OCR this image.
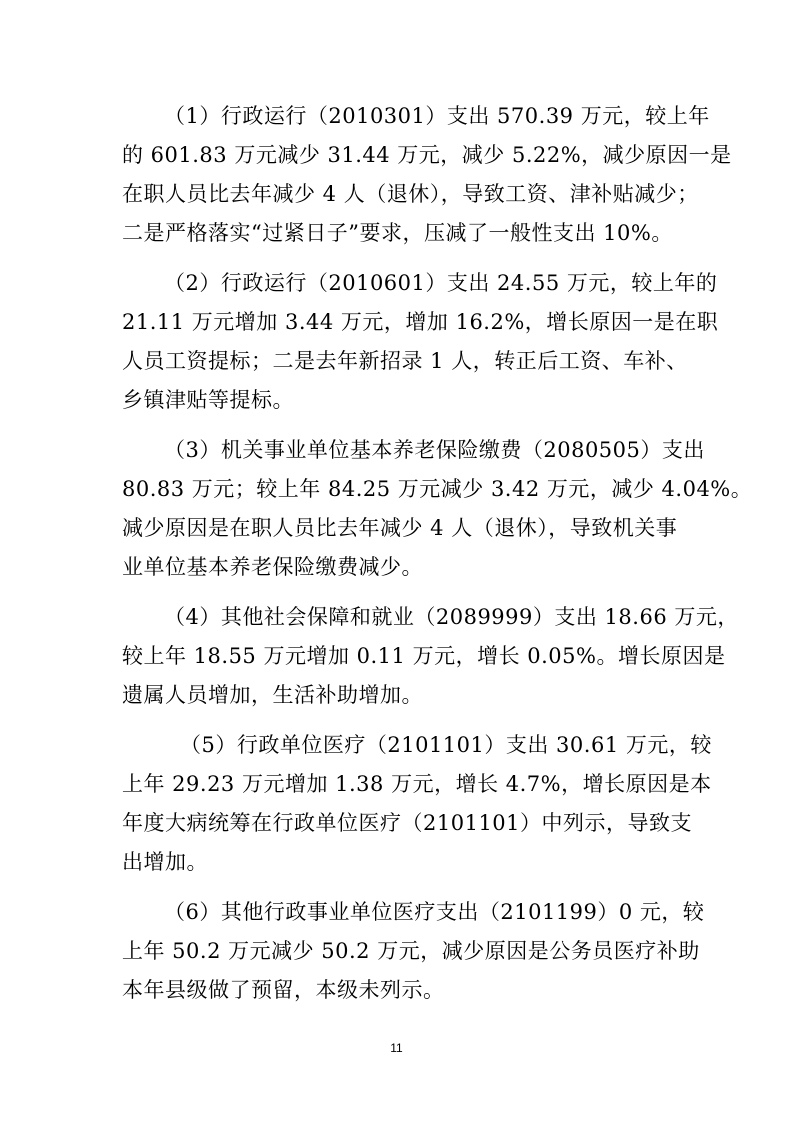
（1）行政运行（2010301）支出 570.39 万元，较上年
的 601.83 万元减少 31.44 万元，减少 5.22%，减少原因一是
在职人员比去年减少 4 人（退休），导致工资、津补贴减少；
二是严格落实“过紧日子”要求，压减了一般性支出 10%。
（2）行政运行（2010601）支出 24.55 万元，较上年的
21.11 万元增加 3.44 万元，增加 16.2%，增长原因一是在职
人员工资提标；二是去年新招录 1 人，转正后工资、车补、
乡镇津贴等提标。
（3）机关事业单位基本养老保险缴费（2080505）支出
80.83 万元；较上年 84.25 万元减少 3.42 万元，减少 4.04%。
减少原因是在职人员比去年减少 4 人（退休），导致机关事
业单位基本养老保险缴费减少。
（4）其他社会保障和就业（2089999）支出 18.66 万元，
较上年 18.55 万元增加 0.11 万元，增长 0.05%。增长原因是
遗属人员增加，生活补助增加。
（5）行政单位医疗（2101101）支出 30.61 万元，较
上年 29.23 万元增加 1.38 万元，增长 4.7%，增长原因是本
年度大病统筹在行政单位医疗（2101101）中列示，导致支
出增加。
（6）其他行政事业单位医疗支出（2101199）0 元，较
上年 50.2 万元减少 50.2 万元，减少原因是公务员医疗补助
本年县级做了预留，本级未列示。
11
